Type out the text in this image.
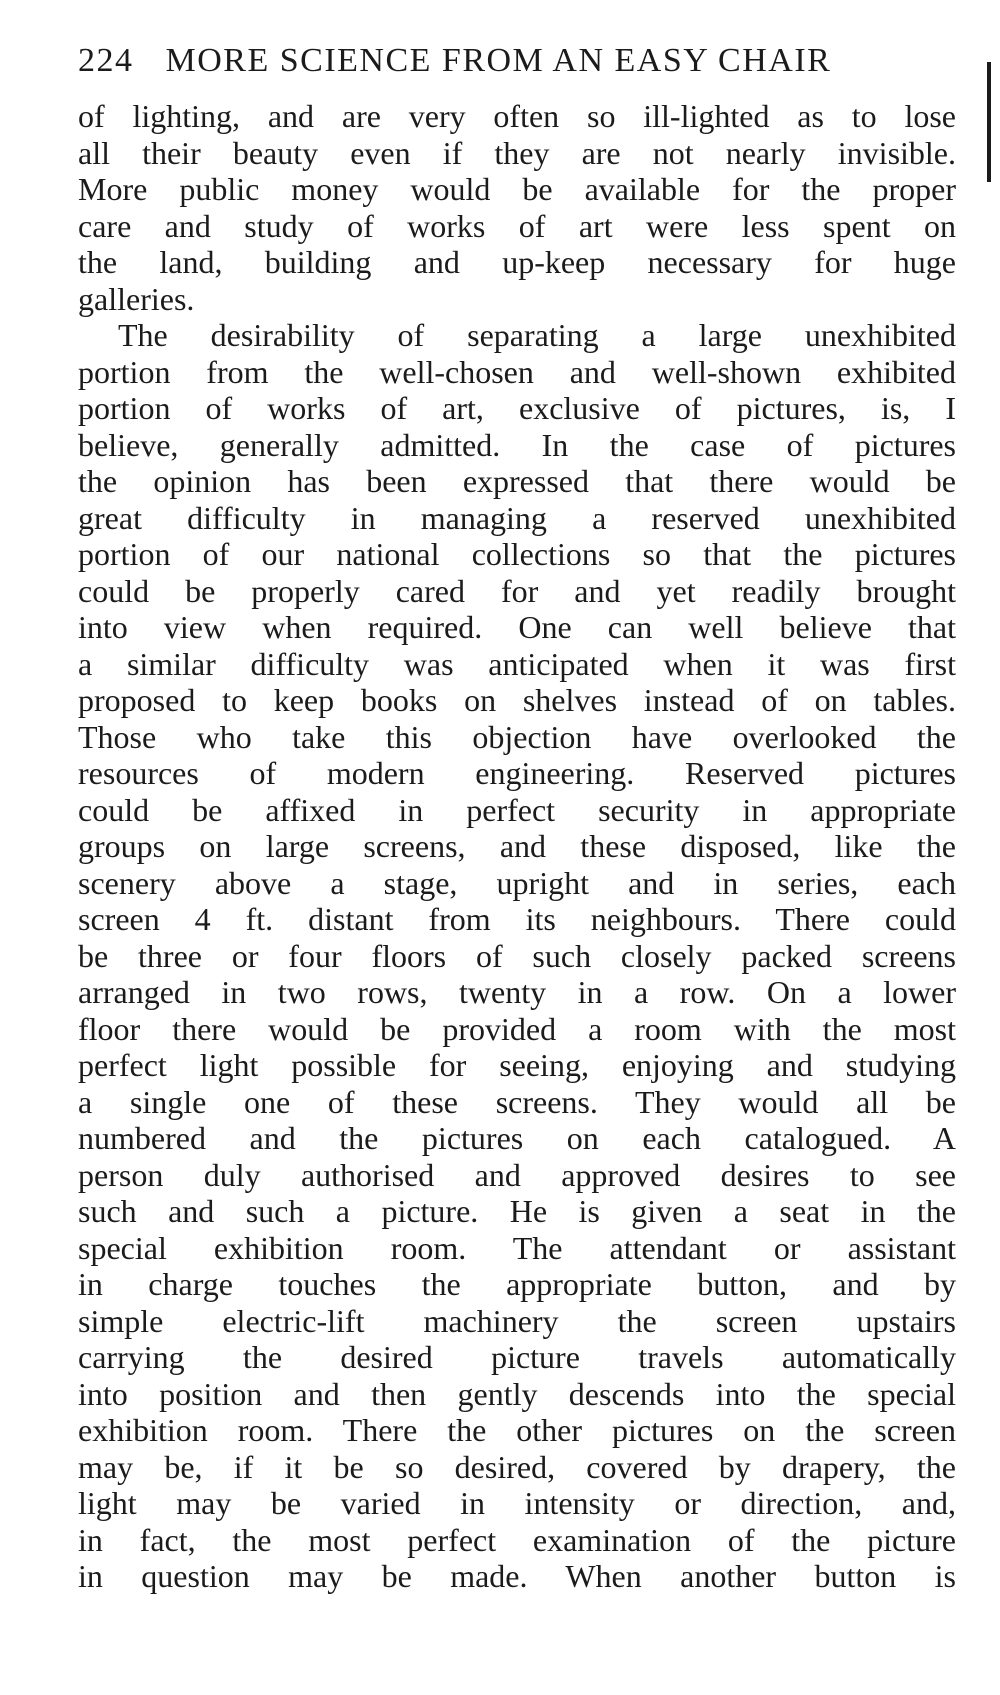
224 MORE SCIENCE FROM AN EASY CHAIR
of lighting, and are very often so ill-lighted as to lose
all their beauty even if they are not nearly invisible.
More public money would be available for the proper
care and study of works of art were less spent on
the land, building and up-keep necessary for huge
galleries.
The desirability of separating a large unexhibited
portion from the well-chosen and well-shown exhibited
portion of works of art, exclusive of pictures, is, I
believe, generally admitted. In the case of pictures
the opinion has been expressed that there would be
great difficulty in managing a reserved unexhibited
portion of our national collections so that the pictures
could be properly cared for and yet readily brought
into view when required. One can well believe that
a similar difficulty was anticipated when it was first
proposed to keep books on shelves instead of on tables.
Those who take this objection have overlooked the
resources of modern engineering. Reserved pictures
could be affixed in perfect security in appropriate
groups on large screens, and these disposed, like the
scenery above a stage, upright and in series, each
screen 4 ft. distant from its neighbours. There could
be three or four floors of such closely packed screens
arranged in two rows, twenty in a row. On a lower
floor there would be provided a room with the most
perfect light possible for seeing, enjoying and studying
a single one of these screens. They would all be
numbered and the pictures on each catalogued. A
person duly authorised and approved desires to see
such and such a picture. He is given a seat in the
special exhibition room. The attendant or assistant
in charge touches the appropriate button, and by
simple electric-lift machinery the screen upstairs
carrying the desired picture travels automatically
into position and then gently descends into the special
exhibition room. There the other pictures on the screen
may be, if it be so desired, covered by drapery, the
light may be varied in intensity or direction, and,
in fact, the most perfect examination of the picture
in question may be made. When another button is
